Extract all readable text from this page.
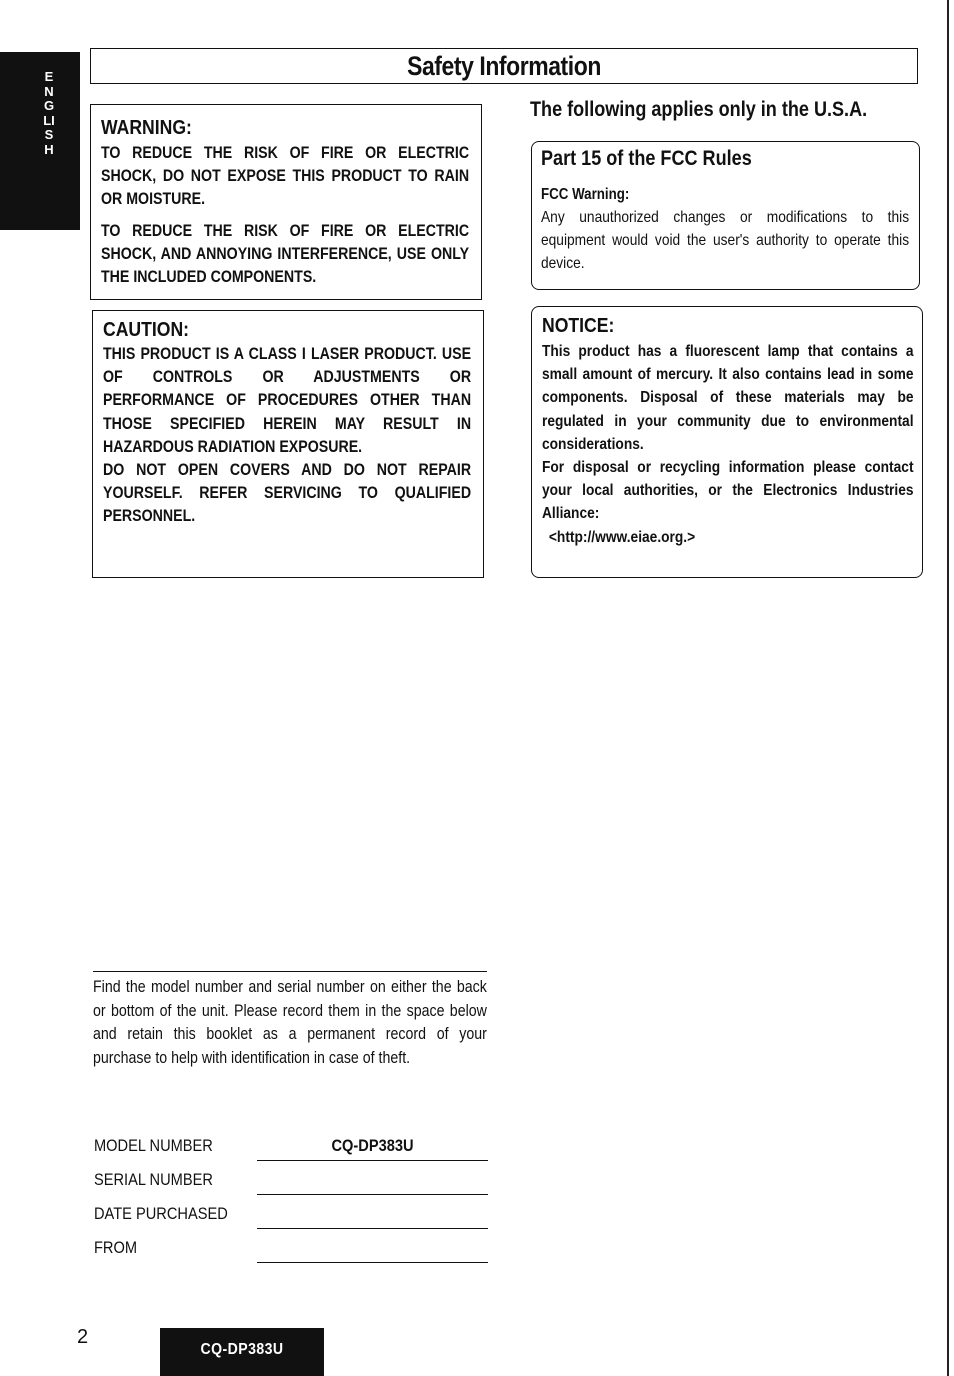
ENGLISH
Safety Information
WARNING:

TO REDUCE THE RISK OF FIRE OR ELECTRIC SHOCK, DO NOT EXPOSE THIS PRODUCT TO RAIN OR MOISTURE.

TO REDUCE THE RISK OF FIRE OR ELECTRIC SHOCK, AND ANNOYING INTERFERENCE, USE ONLY THE INCLUDED COMPONENTS.

CAUTION:

THIS PRODUCT IS A CLASS I LASER PRODUCT. USE OF CONTROLS OR ADJUSTMENTS OR PERFORMANCE OF PROCEDURES OTHER THAN THOSE SPECIFIED HEREIN MAY RESULT IN HAZARDOUS RADIATION EXPOSURE.

DO NOT OPEN COVERS AND DO NOT REPAIR YOURSELF. REFER SERVICING TO QUALIFIED PERSONNEL.

The following applies only in the U.S.A.
Part 15 of the FCC Rules
FCC Warning:
Any unauthorized changes or modifications to this equipment would void the user's authority to operate this device.
NOTICE:

This product has a fluorescent lamp that contains a small amount of mercury. It also contains lead in some components. Disposal of these materials may be regulated in your community due to environmental considerations.

For disposal or recycling information please contact your local authorities, or the Electronics Industries Alliance:

<http://www.eiae.org.>

Find the model number and serial number on either the back or bottom of the unit. Please record them in the space below and retain this booklet as a permanent record of your purchase to help with identification in case of theft.
MODEL NUMBER	CQ-DP383U
SERIAL NUMBER
DATE PURCHASED
FROM
2
CQ-DP383U
